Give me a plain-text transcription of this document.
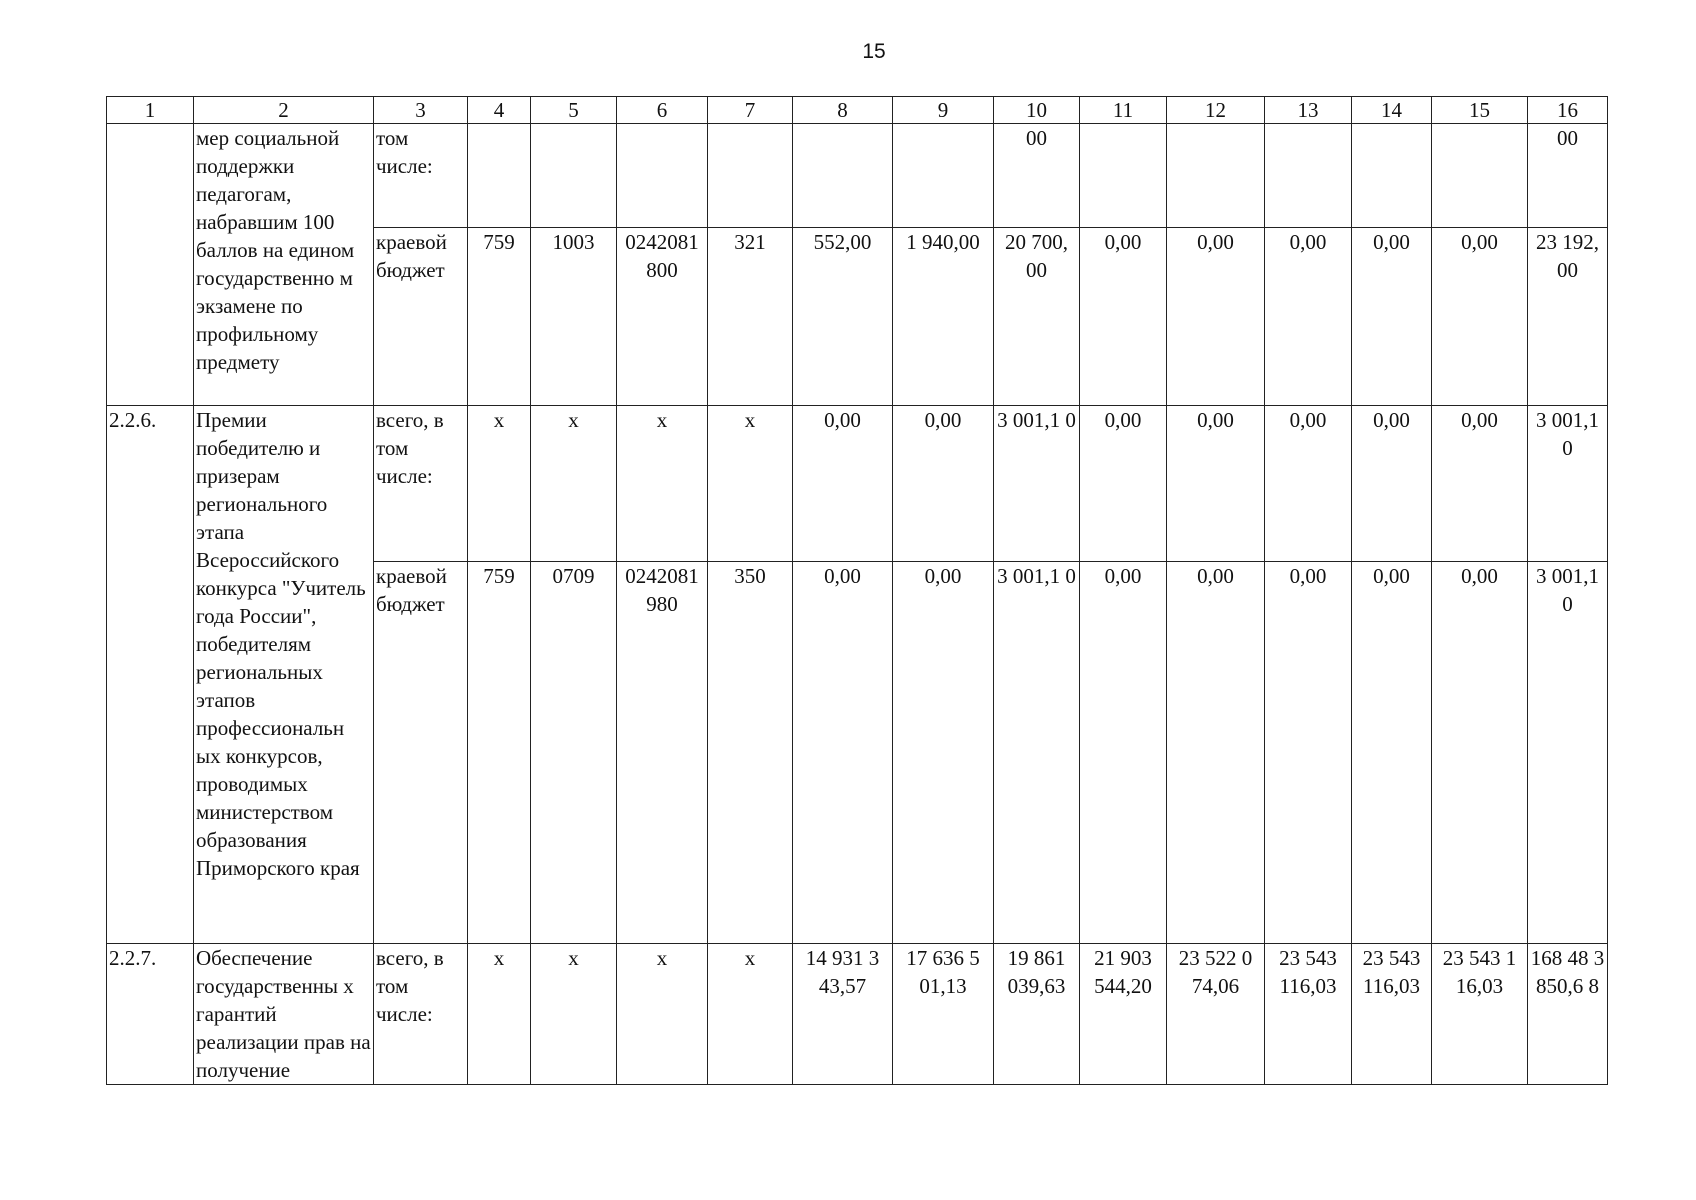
15
1	2	3	4	5	6	7	8	9	10	11	12	13	14	15	16
	мер социальной поддержки педагогам, набравшим 100 баллов на едином государственно м экзамене по профильному предмету	том числе:							00						00
		краевой бюджет	759	1003	0242081 800	321	552,00	1 940,00	20 700, 00	0,00	0,00	0,00	0,00	0,00	23 192, 00
2.2.6.	Премии победителю и призерам регионального этапа Всероссийского конкурса "Учитель года России", победителям региональных этапов профессиональн ых конкурсов, проводимых министерством образования Приморского края	всего, в том числе:	х	х	х	х	0,00	0,00	3 001,1 0	0,00	0,00	0,00	0,00	0,00	3 001,1 0
		краевой бюджет	759	0709	0242081 980	350	0,00	0,00	3 001,1 0	0,00	0,00	0,00	0,00	0,00	3 001,1 0
2.2.7.	Обеспечение государственны х гарантий реализации прав на получение	всего, в том числе:	х	х	х	х	14 931 3 43,57	17 636 5 01,13	19 861 039,63	21 903 544,20	23 522 0 74,06	23 543 116,03	23 543 116,03	23 543 1 16,03	168 48 3 850,6 8
